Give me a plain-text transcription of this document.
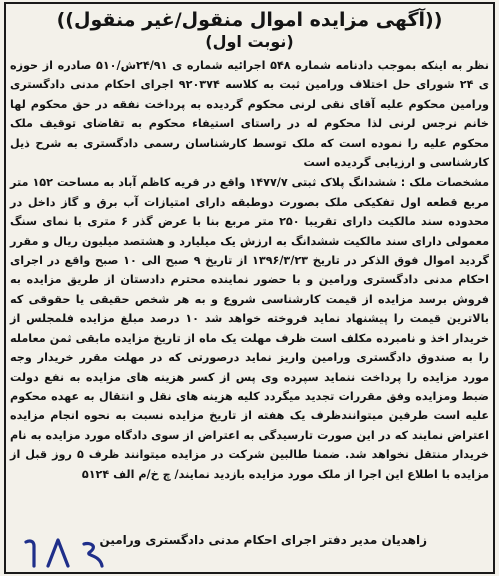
((آگهی مزایده اموال منقول/غیر منقول))
(نوبت اول)

نظر به اینکه بموجب دادنامه شماره ۵۴۸ اجرائیه شماره ی ۲۴/۹۱ش/۵۱۰ صادره از حوزه ی ۲۴ شورای حل اختلاف ورامین ثبت به کلاسه ۹۲۰۳۷۴ اجرای احکام مدنی دادگستری ورامین محکوم علیه آقای نقی لرنی محکوم گردیده به پرداخت نفقه در حق محکوم لها خانم نرجس لرنی لذا محکوم له در راستای استیفاء محکوم به تقاضای توقیف ملک محکوم علیه را نموده است که ملک توسط کارشناسان رسمی دادگستری به شرح ذیل کارشناسی و ارزیابی گردیده است

مشخصات ملک : ششدانگ پلاک ثبتی ۱۴۷۷/۷ واقع در قریه کاظم آباد به مساحت ۱۵۲ متر مربع قطعه اول تفکیکی ملک بصورت دوطبقه دارای امتیازات آب برق و گاز داخل در محدوده سند مالکیت دارای تقریبا ۲۵۰ متر مربع بنا با عرض گذر ۶ متری با نمای سنگ معمولی دارای سند مالکیت ششدانگ به ارزش یک میلیارد و هشتصد میلیون ریال و مقرر گردید اموال فوق الذکر در تاریخ ۱۳۹۶/۳/۲۳ از تاریخ ۹ صبح الی ۱۰ صبح واقع در اجرای احکام مدنی دادگستری ورامین و با حضور نماینده محترم دادستان از طریق مزایده به فروش برسد مزایده از قیمت کارشناسی شروع و به هر شخص حقیقی یا حقوقی که بالاترین قیمت را پیشنهاد نماید فروخته خواهد شد ۱۰ درصد مبلغ مزایده فلمجلس از خریدار اخذ و نامبرده مکلف است ظرف مهلت یک ماه از تاریخ مزایده مابقی ثمن معامله را به صندوق دادگستری ورامین واریز نماید درصورتی که در مهلت مقرر خریدار وجه مورد مزایده را پرداخت ننماید سپرده وی پس از کسر هزینه های مزایده به نفع دولت ضبط ومزایده وفق مقررات تجدید میگردد کلیه هزینه های نقل و انتقال به عهده محکوم علیه است طرفین میتوانندظرف یک هفته از تاریخ مزایده نسبت به نحوه انجام مزایده اعتراض نمایند که در این صورت تارسیدگی به اعتراض از سوی دادگاه مورد مزایده به نام خریدار منتقل نخواهد شد. ضمنا طالبین شرکت در مزایده میتوانند ظرف ۵ روز قبل از مزایده با اطلاع این اجرا از ملک مورد مزایده بازدید نمایند/ چ خ/م الف ۵۱۲۴

زاهدیان مدیر دفتر اجرای احکام مدنی دادگستری ورامین
